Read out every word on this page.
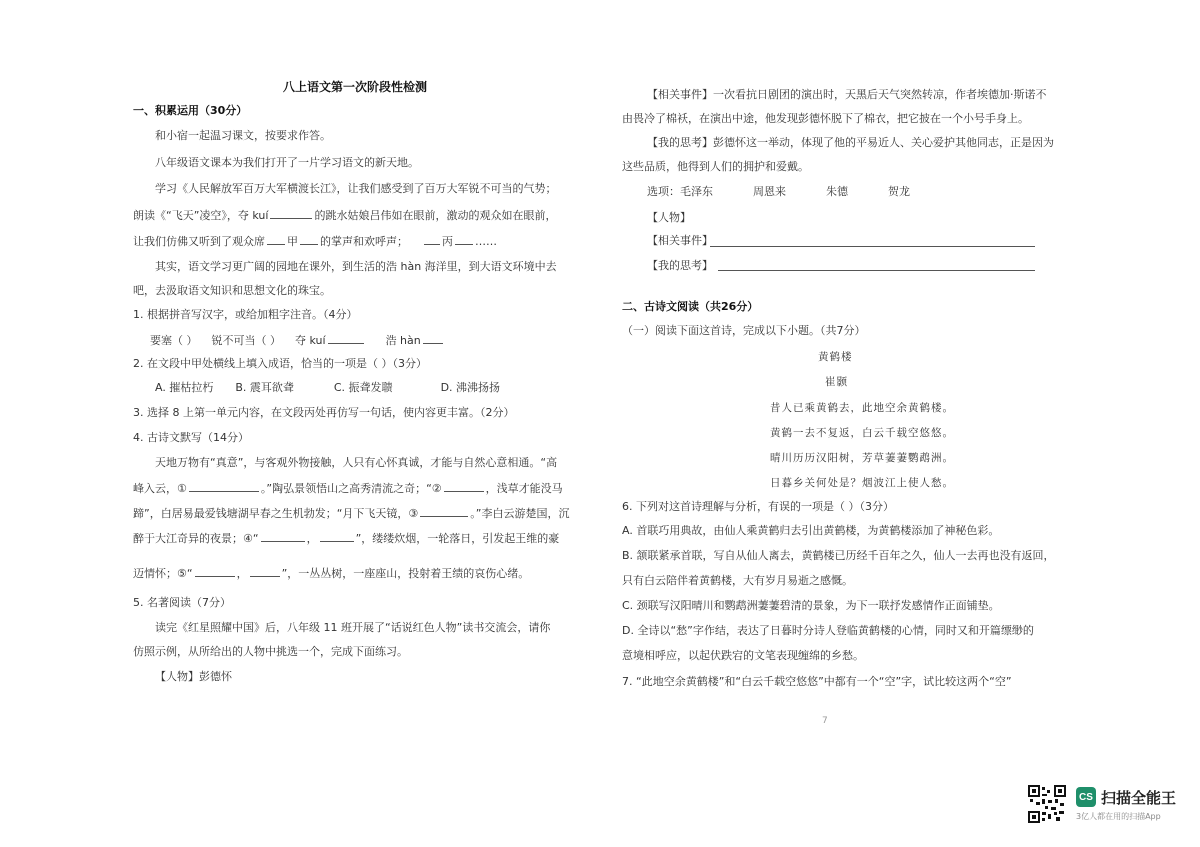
八上语文第一次阶段性检测
一、积累运用（30分）
和小宿一起温习课文，按要求作答。
八年级语文课本为我们打开了一片学习语文的新天地。
学习《人民解放军百万大军横渡长江》，让我们感受到了百万大军锐不可当的气势；
朗读《“飞天”凌空》，夺 kuí	的跳水姑娘吕伟如在眼前，激动的观众如在眼前，
让我们仿佛又听到了观众席 甲 的掌声和欢呼声；	丙 ……
其实，语文学习更广阔的园地在课外，到生活的浩 hàn 海洋里，到大语文环境中去
吧，去汲取语文知识和思想文化的珠宝。
1. 根据拼音写汉字，或给加粗字注音。（4分）
要塞（ ） 锐不可当（ ） 夺 kuí	浩 hàn
2. 在文段中甲处横线上填入成语，恰当的一项是（ ）（3分）
A. 摧枯拉朽 B. 震耳欲聋	C. 振聋发聩	D. 沸沸扬扬
3. 选择 8 上第一单元内容，在文段丙处再仿写一句话，使内容更丰富。（2分）
4. 古诗文默写（14分）
天地万物有“真意”，与客观外物接触，人只有心怀真诚，才能与自然心意相通。“高
峰入云，①	。”陶弘景领悟山之高秀清流之奇；“②	，浅草才能没马
蹄”，白居易最爱钱塘湖早春之生机勃发；“月下飞天镜，③	。”李白云游楚国，沉
醉于大江奇异的夜景；④“	，	”，缕缕炊烟，一轮落日，引发起王维的豪
迈情怀；⑤“	，	”，一丛丛树，一座座山，投射着王绩的哀伤心绪。
5. 名著阅读（7分）
读完《红星照耀中国》后，八年级 11 班开展了“话说红色人物”读书交流会，请你
仿照示例，从所给出的人物中挑选一个，完成下面练习。
【人物】彭德怀
【相关事件】一次看抗日剧团的演出时，天黑后天气突然转凉，作者埃德加·斯诺不
由畏冷了棉袄，在演出中途，他发现彭德怀脱下了棉衣，把它披在一个小号手身上。
【我的思考】彭德怀这一举动，体现了他的平易近人、关心爱护其他同志，正是因为
这些品质，他得到人们的拥护和爱戴。
选项：毛泽东	周恩来	朱德	贺龙
【人物】
【相关事件】
【我的思考】
二、古诗文阅读（共26分）
（一）阅读下面这首诗，完成以下小题。（共7分）
黄鹤楼
崔颢
昔人已乘黄鹤去，此地空余黄鹤楼。
黄鹤一去不复返，白云千载空悠悠。
晴川历历汉阳树，芳草萋萋鹦鹉洲。
日暮乡关何处是？烟波江上使人愁。
6. 下列对这首诗理解与分析，有误的一项是（ ）（3分）
A. 首联巧用典故，由仙人乘黄鹤归去引出黄鹤楼，为黄鹤楼添加了神秘色彩。
B. 颔联紧承首联，写自从仙人离去，黄鹤楼已历经千百年之久，仙人一去再也没有返回，
只有白云陪伴着黄鹤楼，大有岁月易逝之感慨。
C. 颈联写汉阳晴川和鹦鹉洲萋萋碧清的景象，为下一联抒发感情作正面铺垫。
D. 全诗以“愁”字作结，表达了日暮时分诗人登临黄鹤楼的心情，同时又和开篇缥缈的
意境相呼应，以起伏跌宕的文笔表现缠绵的乡愁。
7. “此地空余黄鹤楼”和“白云千载空悠悠”中都有一个“空”字，试比较这两个“空”
7
CS 扫描全能王
3亿人都在用的扫描App
